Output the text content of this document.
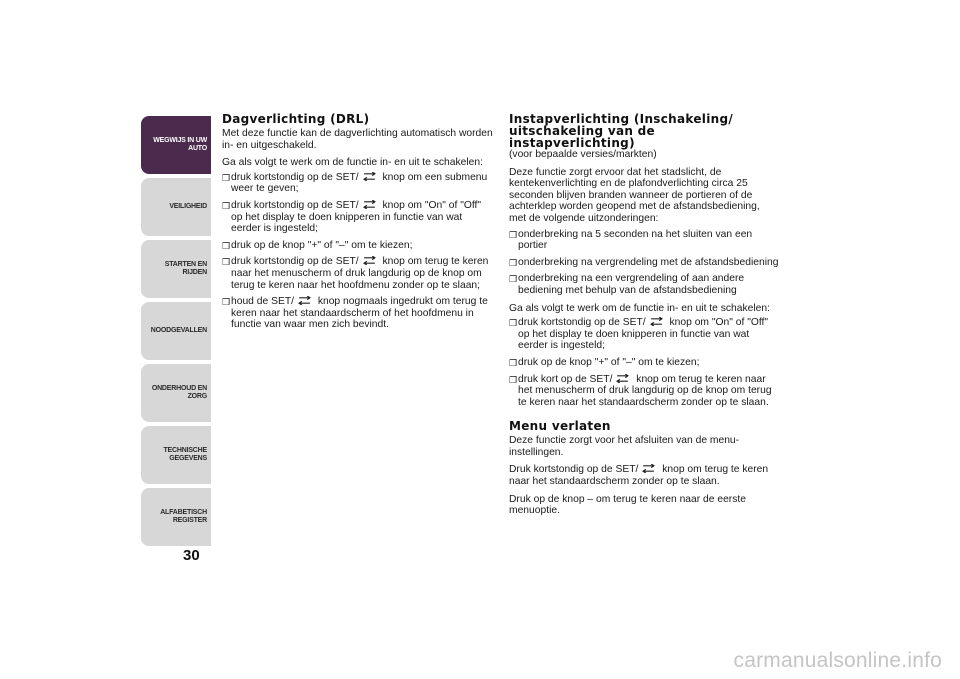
WEGWIJS IN UW
AUTO
VEILIGHEID
STARTEN EN RIJDEN
NOODGEVALLEN
ONDERHOUD EN
ZORG
TECHNISCHE
GEGEVENS
ALFABETISCH
REGISTER
30
Dagverlichting (DRL)

Met deze functie kan de dagverlichting automatisch worden in- en uitgeschakeld.

Ga als volgt te werk om de functie in- en uit te schakelen:

❒ druk kortstondig op de SET/ knop om een submenu weer te geven;
❒ druk kortstondig op de SET/ knop om "On" of "Off" op het display te doen knipperen in functie van wat eerder is ingesteld;
❒ druk op de knop "+" of "–" om te kiezen;
❒ druk kortstondig op de SET/ knop om terug te keren naar het menuscherm of druk langdurig op de knop om terug te keren naar het hoofdmenu zonder op te slaan;
❒ houd de SET/ knop nogmaals ingedrukt om terug te keren naar het standaardscherm of het hoofdmenu in functie van waar men zich bevindt.
Instapverlichting (Inschakeling/ uitschakeling van de instapverlichting)
(voor bepaalde versies/markten)

Deze functie zorgt ervoor dat het stadslicht, de kentekenverlichting en de plafondverlichting circa 25 seconden blijven branden wanneer de portieren of de achterklep worden geopend met de afstandsbediening, met de volgende uitzonderingen:

❒ onderbreking na 5 seconden na het sluiten van een portier
❒ onderbreking na vergrendeling met de afstandsbediening
❒ onderbreking na een vergrendeling of aan andere bediening met behulp van de afstandsbediening

Ga als volgt te werk om de functie in- en uit te schakelen:

❒ druk kortstondig op de SET/ knop om "On" of "Off" op het display te doen knipperen in functie van wat eerder is ingesteld;
❒ druk op de knop "+" of "–" om te kiezen;
❒ druk kort op de SET/ knop om terug te keren naar het menuscherm of druk langdurig op de knop om terug te keren naar het standaardscherm zonder op te slaan.
Menu verlaten

Deze functie zorgt voor het afsluiten van de menu-instellingen.

Druk kortstondig op de SET/ knop om terug te keren naar het standaardscherm zonder op te slaan.

Druk op de knop – om terug te keren naar de eerste menuoptie.

carmanualsonline.info
